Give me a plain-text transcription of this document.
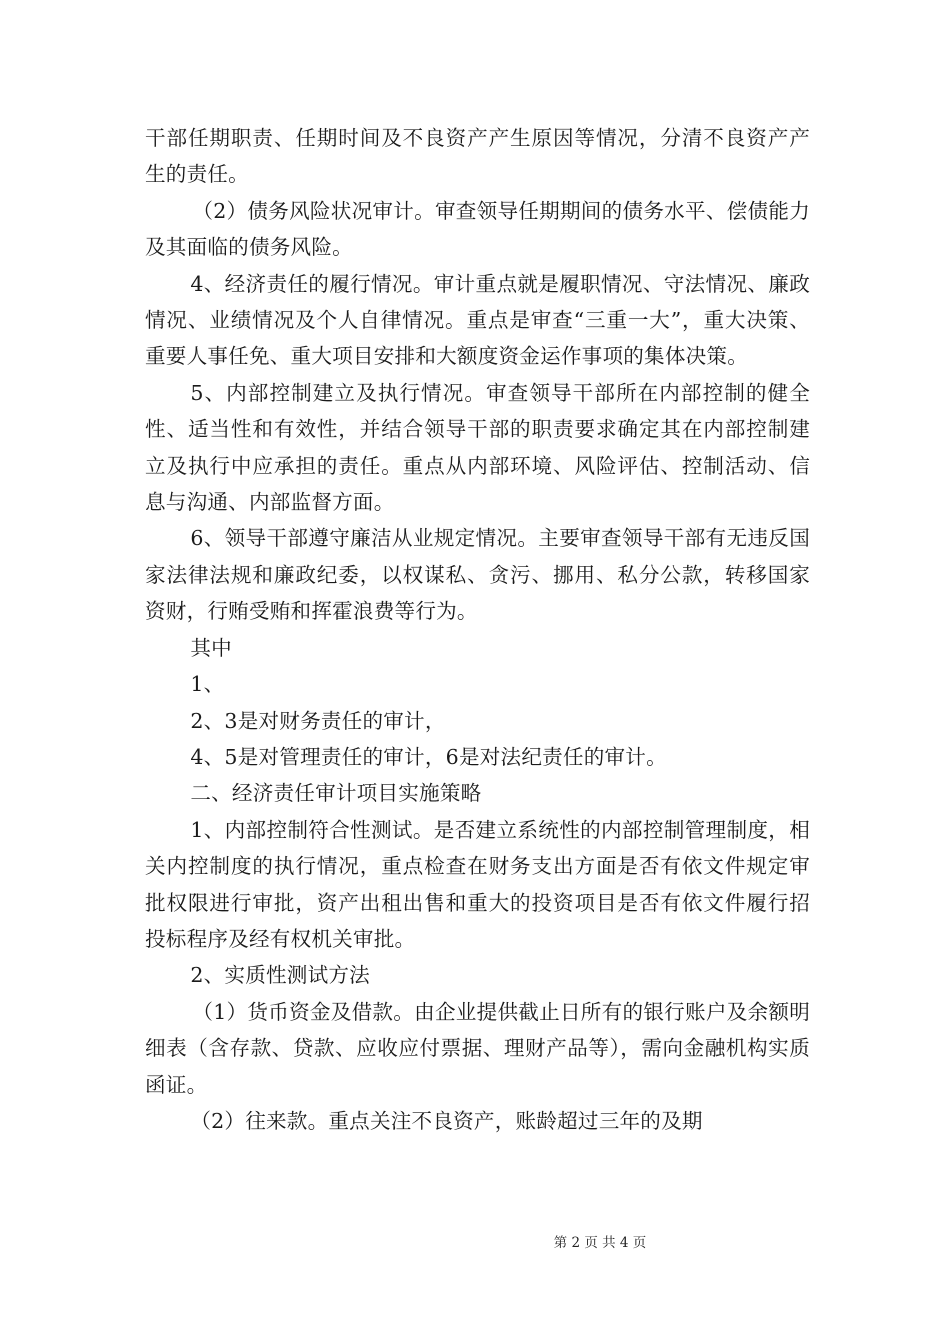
干部任期职责、任期时间及不良资产产生原因等情况，分清不良资产产生的责任。

（2）债务风险状况审计。审查领导任期期间的债务水平、偿债能力及其面临的债务风险。

4、经济责任的履行情况。审计重点就是履职情况、守法情况、廉政情况、业绩情况及个人自律情况。重点是审查“三重一大”，重大决策、重要人事任免、重大项目安排和大额度资金运作事项的集体决策。

5、内部控制建立及执行情况。审查领导干部所在内部控制的健全性、适当性和有效性，并结合领导干部的职责要求确定其在内部控制建立及执行中应承担的责任。重点从内部环境、风险评估、控制活动、信息与沟通、内部监督方面。

6、领导干部遵守廉洁从业规定情况。主要审查领导干部有无违反国家法律法规和廉政纪委，以权谋私、贪污、挪用、私分公款，转移国家资财，行贿受贿和挥霍浪费等行为。

其中

1、

2、3是对财务责任的审计，

4、5是对管理责任的审计，6是对法纪责任的审计。

二、经济责任审计项目实施策略

1、内部控制符合性测试。是否建立系统性的内部控制管理制度，相关内控制度的执行情况，重点检查在财务支出方面是否有依文件规定审批权限进行审批，资产出租出售和重大的投资项目是否有依文件履行招投标程序及经有权机关审批。

2、实质性测试方法

（1）货币资金及借款。由企业提供截止日所有的银行账户及余额明细表（含存款、贷款、应收应付票据、理财产品等），需向金融机构实质函证。

（2）往来款。重点关注不良资产，账龄超过三年的及期

第 2 页 共 4 页
